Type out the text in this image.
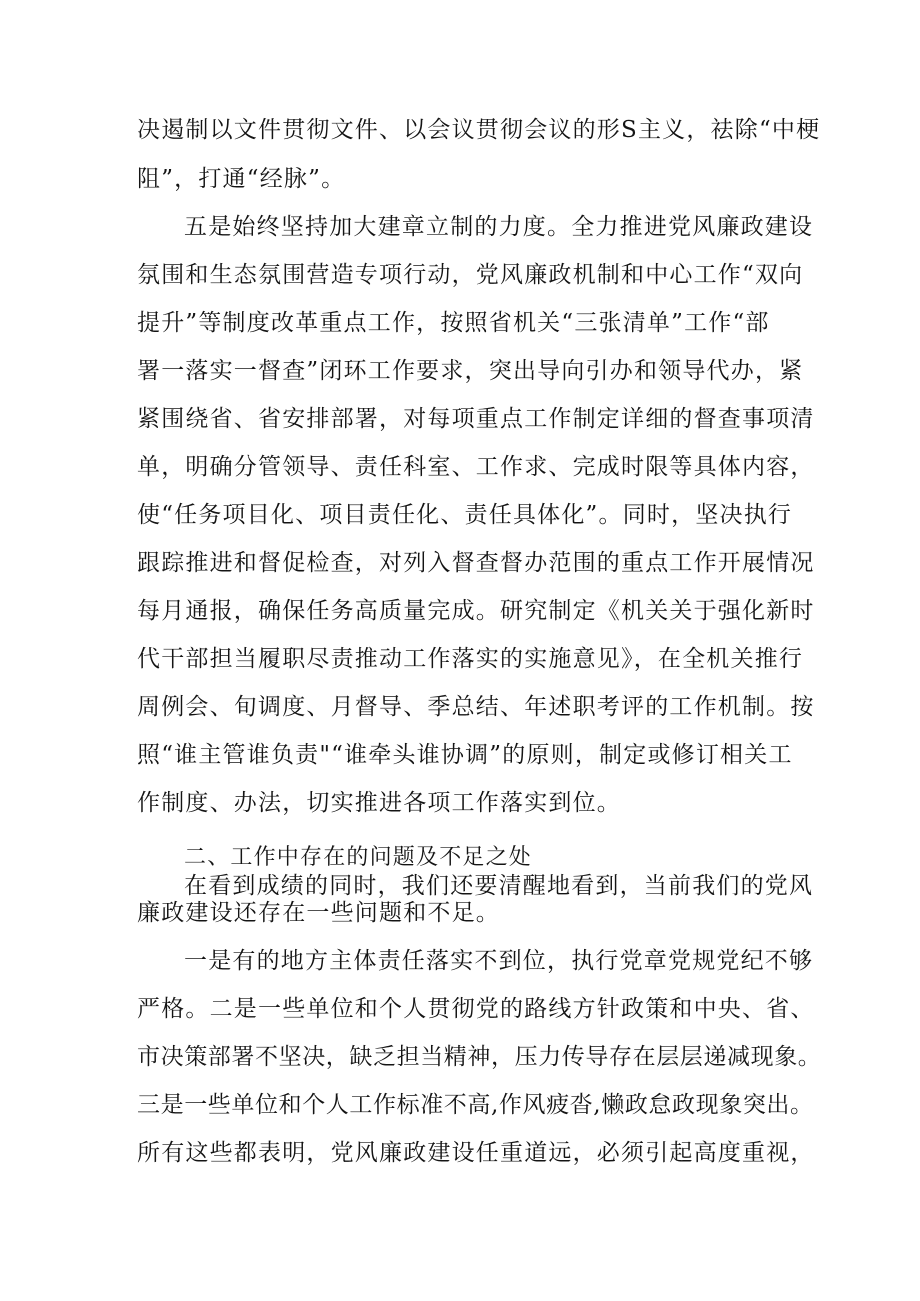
决遏制以文件贯彻文件、以会议贯彻会议的形S主义，祛除“中梗
阻”，打通“经脉”。
五是始终坚持加大建章立制的力度。全力推进党风廉政建设
氛围和生态氛围营造专项行动，党风廉政机制和中心工作“双向
提升”等制度改革重点工作，按照省机关“三张清单”工作“部
署一落实一督查”闭环工作要求，突出导向引办和领导代办，紧
紧围绕省、省安排部署，对每项重点工作制定详细的督查事项清
单，明确分管领导、责任科室、工作求、完成时限等具体内容，
使“任务项目化、项目责任化、责任具体化”。同时，坚决执行
跟踪推进和督促检查，对列入督查督办范围的重点工作开展情况
每月通报，确保任务高质量完成。研究制定《机关关于强化新时
代干部担当履职尽责推动工作落实的实施意见》，在全机关推行
周例会、旬调度、月督导、季总结、年述职考评的工作机制。按
照“谁主管谁负责"“谁牵头谁协调”的原则，制定或修订相关工
作制度、办法，切实推进各项工作落实到位。
二、工作中存在的问题及不足之处
在看到成绩的同时，我们还要清醒地看到，当前我们的党风
廉政建设还存在一些问题和不足。
一是有的地方主体责任落实不到位，执行党章党规党纪不够
严格。二是一些单位和个人贯彻党的路线方针政策和中央、省、
市决策部署不坚决，缺乏担当精神，压力传导存在层层递减现象。
三是一些单位和个人工作标准不高,作风疲沓,懒政怠政现象突出。
所有这些都表明，党风廉政建设任重道远，必须引起高度重视，
